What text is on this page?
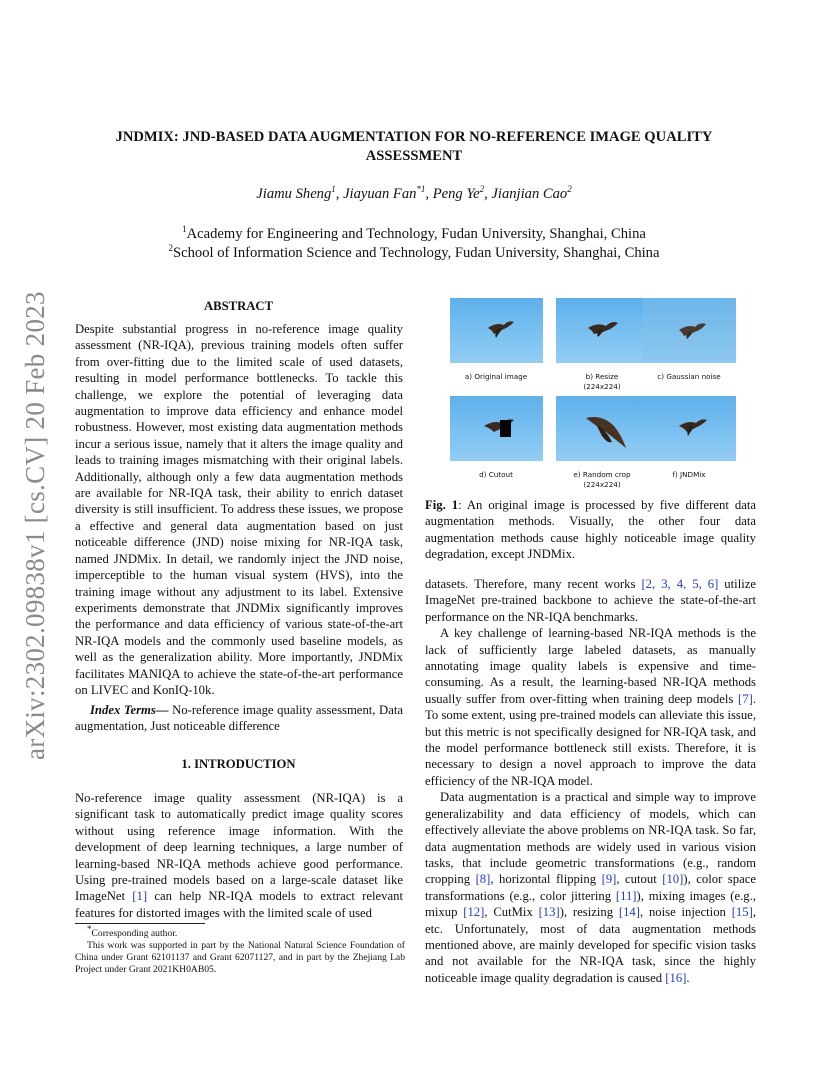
arXiv:2302.09838v1 [cs.CV] 20 Feb 2023
JNDMIX: JND-BASED DATA AUGMENTATION FOR NO-REFERENCE IMAGE QUALITY ASSESSMENT
Jiamu Sheng$^1$, Jiayuan Fan$^{*1}$, Peng Ye$^2$, Jianjian Cao$^2$
$^1$Academy for Engineering and Technology, Fudan University, Shanghai, China
$^2$School of Information Science and Technology, Fudan University, Shanghai, China
ABSTRACT

Despite substantial progress in no-reference image quality assessment (NR-IQA), previous training models often suffer from over-fitting due to the limited scale of used datasets, resulting in model performance bottlenecks. To tackle this challenge, we explore the potential of leveraging data augmentation to improve data efficiency and enhance model robustness. However, most existing data augmentation methods incur a serious issue, namely that it alters the image quality and leads to training images mismatching with their original labels. Additionally, although only a few data augmentation methods are available for NR-IQA task, their ability to enrich dataset diversity is still insufficient. To address these issues, we propose a effective and general data augmentation based on just noticeable difference (JND) noise mixing for NR-IQA task, named JNDMix. In detail, we randomly inject the JND noise, imperceptible to the human visual system (HVS), into the training image without any adjustment to its label. Extensive experiments demonstrate that JNDMix significantly improves the performance and data efficiency of various state-of-the-art NR-IQA models and the commonly used baseline models, as well as the generalization ability. More importantly, JNDMix facilitates MANIQA to achieve the state-of-the-art performance on LIVEC and KonIQ-10k.

Index Terms— No-reference image quality assessment, Data augmentation, Just noticeable difference

1. INTRODUCTION

No-reference image quality assessment (NR-IQA) is a significant task to automatically predict image quality scores without using reference image information. With the development of deep learning techniques, a large number of learning-based NR-IQA methods achieve good performance. Using pre-trained models based on a large-scale dataset like ImageNet [1] can help NR-IQA models to extract relevant features for distorted images with the limited scale of used

*Corresponding author.

This work was supported in part by the National Natural Science Foundation of China under Grant 62101137 and Grant 62071127, and in part by the Zhejiang Lab Project under Grant 2021KH0AB05.

a) Original image	b) Resize
(224x224)
c) Gaussian noise
d) Cutout	e) Random crop
(224x224)
f) JNDMix

Fig. 1: An original image is processed by five different data augmentation methods. Visually, the other four data augmentation methods cause highly noticeable image quality degradation, except JNDMix.

datasets. Therefore, many recent works [2, 3, 4, 5, 6] utilize ImageNet pre-trained backbone to achieve the state-of-the-art performance on the NR-IQA benchmarks.

A key challenge of learning-based NR-IQA methods is the lack of sufficiently large labeled datasets, as manually annotating image quality labels is expensive and time-consuming. As a result, the learning-based NR-IQA methods usually suffer from over-fitting when training deep models [7]. To some extent, using pre-trained models can alleviate this issue, but this metric is not specifically designed for NR-IQA task, and the model performance bottleneck still exists. Therefore, it is necessary to design a novel approach to improve the data efficiency of the NR-IQA model.

Data augmentation is a practical and simple way to improve generalizability and data efficiency of models, which can effectively alleviate the above problems on NR-IQA task. So far, data augmentation methods are widely used in various vision tasks, that include geometric transformations (e.g., random cropping [8], horizontal flipping [9], cutout [10]), color space transformations (e.g., color jittering [11]), mixing images (e.g., mixup [12], CutMix [13]), resizing [14], noise injection [15], etc. Unfortunately, most of data augmentation methods mentioned above, are mainly developed for specific vision tasks and not available for the NR-IQA task, since the highly noticeable image quality degradation is caused [16].
